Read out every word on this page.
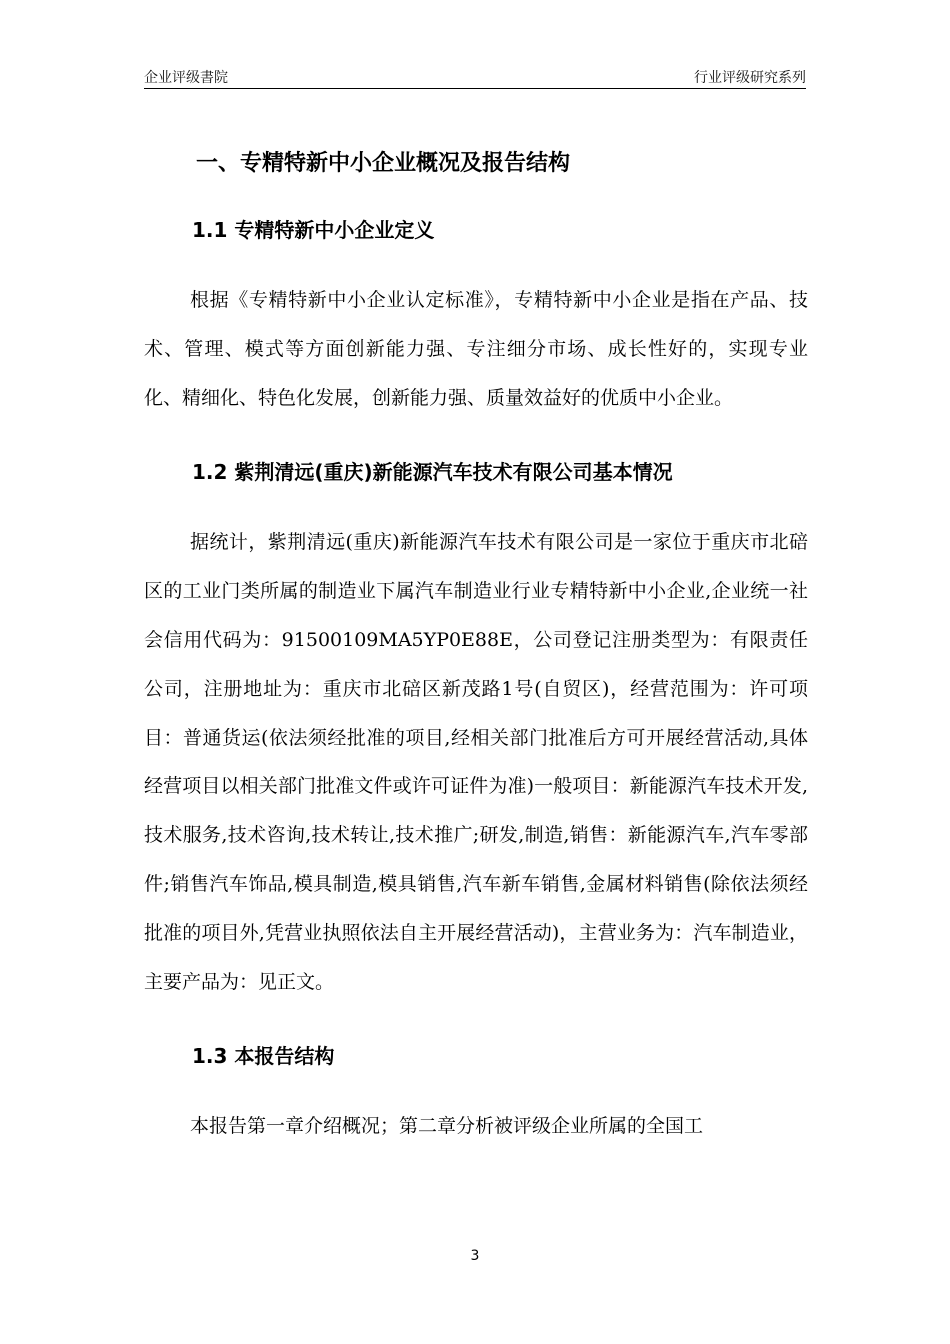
企业评级書院	行业评级研究系列
一、专精特新中小企业概况及报告结构
1.1 专精特新中小企业定义

根据《专精特新中小企业认定标准》，专精特新中小企业是指在产品、技术、管理、模式等方面创新能力强、专注细分市场、成长性好的，实现专业化、精细化、特色化发展，创新能力强、质量效益好的优质中小企业。

1.2 紫荆清远(重庆)新能源汽车技术有限公司基本情况

据统计，紫荆清远(重庆)新能源汽车技术有限公司是一家位于重庆市北碚区的工业门类所属的制造业下属汽车制造业行业专精特新中小企业,企业统一社会信用代码为：91500109MA5YP0E88E，公司登记注册类型为：有限责任公司，注册地址为：重庆市北碚区新茂路1号(自贸区)，经营范围为：许可项目：普通货运(依法须经批准的项目,经相关部门批准后方可开展经营活动,具体经营项目以相关部门批准文件或许可证件为准)一般项目：新能源汽车技术开发,技术服务,技术咨询,技术转让,技术推广;研发,制造,销售：新能源汽车,汽车零部件;销售汽车饰品,模具制造,模具销售,汽车新车销售,金属材料销售(除依法须经批准的项目外,凭营业执照依法自主开展经营活动)，主营业务为：汽车制造业，主要产品为：见正文。

1.3 本报告结构

本报告第一章介绍概况；第二章分析被评级企业所属的全国工

3
